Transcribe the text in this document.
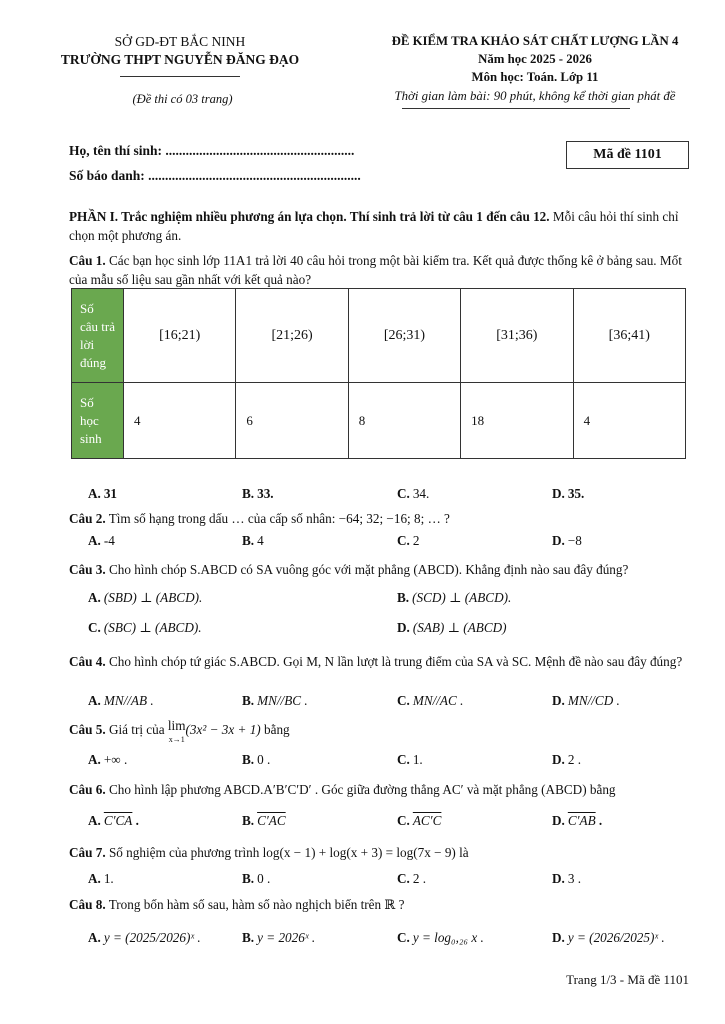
SỞ GD-ĐT BẮC NINH
TRƯỜNG THPT NGUYỄN ĐĂNG ĐẠO
(Đề thi có 03 trang)
ĐỀ KIỂM TRA KHẢO SÁT CHẤT LƯỢNG LẦN 4
Năm học 2025 - 2026
Môn học: Toán. Lớp 11
Thời gian làm bài: 90 phút, không kể thời gian phát đề
Họ, tên thí sinh: ........................................................
Số báo danh: ...............................................................
Mã đề 1101
PHẦN I. Trắc nghiệm nhiều phương án lựa chọn. Thí sinh trả lời từ câu 1 đến câu 12. Mỗi câu hỏi thí sinh chỉ chọn một phương án.
Câu 1. Các bạn học sinh lớp 11A1 trả lời 40 câu hỏi trong một bài kiểm tra. Kết quả được thống kê ở bảng sau. Mốt của mẫu số liệu sau gần nhất với kết quả nào?
Số câu trả lời đúng	[16;21)	[21;26)	[26;31)	[31;36)	[36;41)
Số học sinh	4	6	8	18	4
A. 31	B. 33.	C. 34.	D. 35.
Câu 2. Tìm số hạng trong dấu … của cấp số nhân: −64; 32; −16; 8; … ?
A. -4	B. 4	C. 2	D. −8
Câu 3. Cho hình chóp S.ABCD có SA vuông góc với mặt phẳng (ABCD). Khẳng định nào sau đây đúng?
A. (SBD) ⊥ (ABCD).	B. (SCD) ⊥ (ABCD).
C. (SBC) ⊥ (ABCD).	D. (SAB) ⊥ (ABCD)
Câu 4. Cho hình chóp tứ giác S.ABCD. Gọi M, N lần lượt là trung điểm của SA và SC. Mệnh đề nào sau đây đúng?
A. MN//AB .	B. MN//BC .	C. MN//AC .	D. MN//CD .
Câu 5. Giá trị của lim
x→1(3x² − 3x + 1) bằng
A. +∞ .	B. 0 .	C. 1.	D. 2 .
Câu 6. Cho hình lập phương ABCD.A′B′C′D′ . Góc giữa đường thẳng AC′ và mặt phẳng (ABCD) bằng
A. C′CA .	B. C′AC	C. AC′C	D. C′AB .
Câu 7. Số nghiệm của phương trình log(x − 1) + log(x + 3) = log(7x − 9) là
A. 1.	B. 0 .	C. 2 .	D. 3 .
Câu 8. Trong bốn hàm số sau, hàm số nào nghịch biến trên ℝ ?
A. y = (2025/2026)ˣ .	B. y = 2026ˣ .	C. y = log₀,₂₆ x .	D. y = (2026/2025)ˣ .
Trang 1/3 - Mã đề 1101
